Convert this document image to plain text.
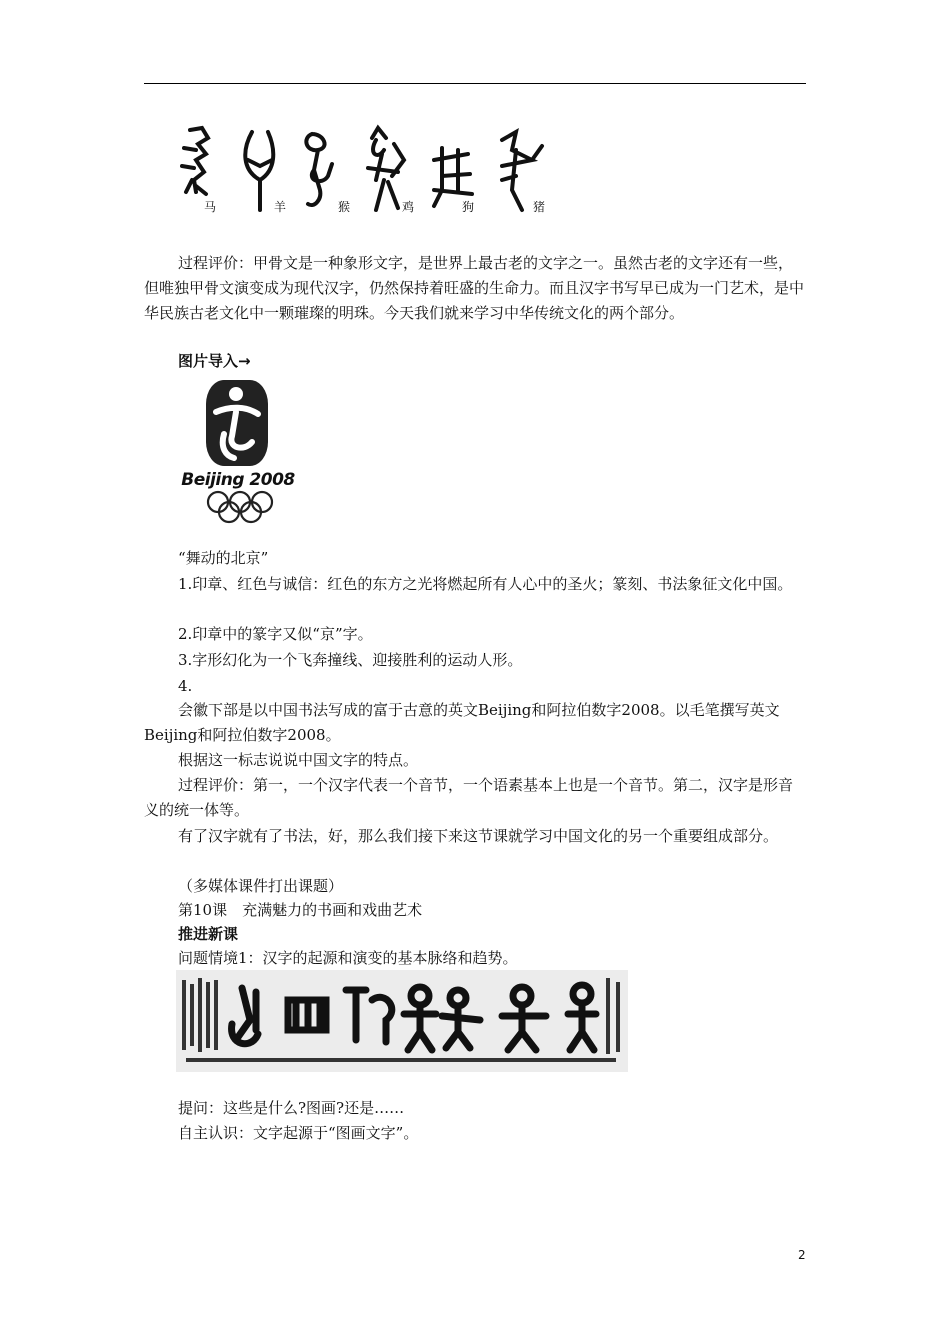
马	羊	猴	鸡	狗	猪

过程评价：甲骨文是一种象形文字，是世界上最古老的文字之一。虽然古老的文字还有一些，但唯独甲骨文演变成为现代汉字，仍然保持着旺盛的生命力。而且汉字书写早已成为一门艺术，是中华民族古老文化中一颗璀璨的明珠。今天我们就来学习中华传统文化的两个部分。

图片导入→
Beijing 2008
“舞动的北京”

1.印章、红色与诚信：红色的东方之光将燃起所有人心中的圣火；篆刻、书法象征文化中国。

2.印章中的篆字又似“京”字。
3.字形幻化为一个飞奔撞线、迎接胜利的运动人形。
4.

会徽下部是以中国书法写成的富于古意的英文Beijing和阿拉伯数字2008。以毛笔撰写英文Beijing和阿拉伯数字2008。

根据这一标志说说中国文字的特点。

过程评价：第一，一个汉字代表一个音节，一个语素基本上也是一个音节。第二，汉字是形音义的统一体等。

有了汉字就有了书法，好，那么我们接下来这节课就学习中国文化的另一个重要组成部分。

（多媒体课件打出课题）
第10课　充满魅力的书画和戏曲艺术
推进新课
问题情境1：汉字的起源和演变的基本脉络和趋势。
提问：这些是什么?图画?还是……
自主认识：文字起源于“图画文字”。
2
